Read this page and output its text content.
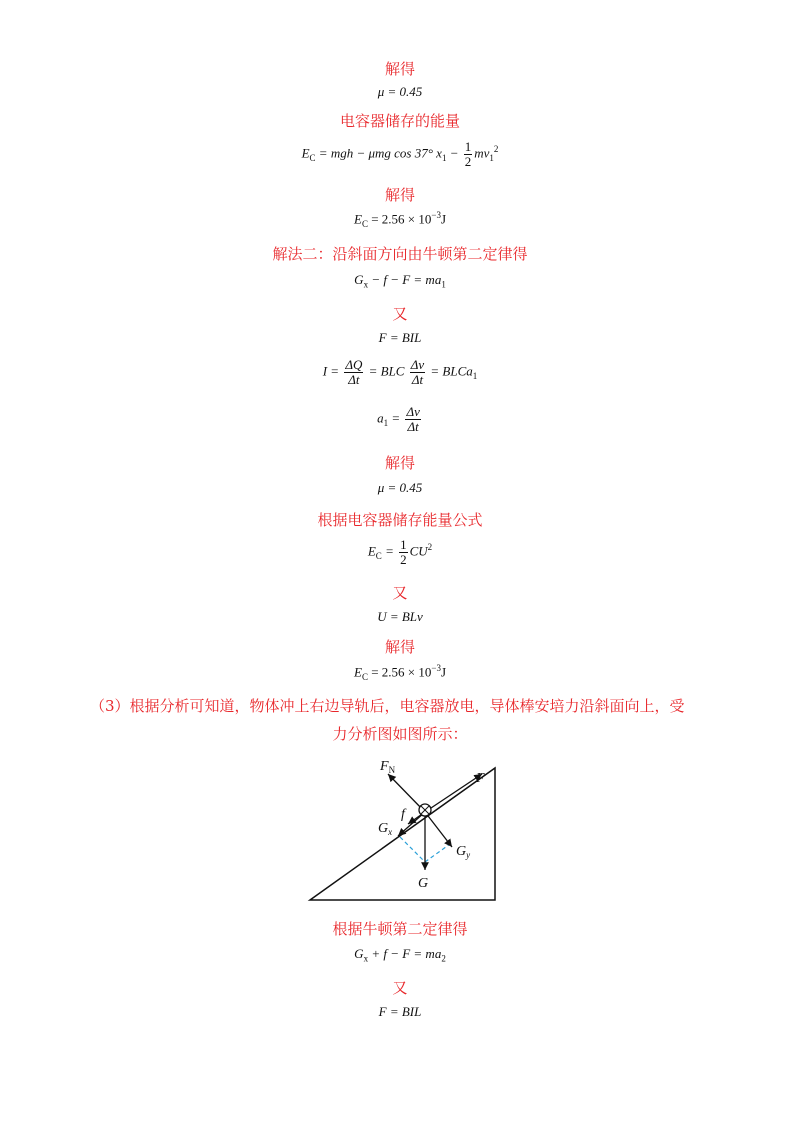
解得
μ = 0.45
电容器储存的能量
$E_C$ = mgh − μmg cos 37° $x_1 - \frac{1}{2} mv_1^2$
解得
$E_C = 2.56 \times 10^{-3}J$
解法二：沿斜面方向由牛顿第二定律得
$G_x - f - F = ma_1$
又
F = BIL
$I = \frac{\Delta Q}{\Delta t}$ = BLC $\frac{\Delta v}{\Delta t}$ = BLCa$_1$
$a_1 = \frac{\Delta v}{\Delta t}$
解得
μ = 0.45
根据电容器储存能量公式
$E_C = \frac{1}{2} CU^2$
又
U = BLv
解得
$E_C = 2.56 \times 10^{-3}J$
（3）根据分析可知道，物体冲上右边导轨后，电容器放电，导体棒安培力沿斜面向上，受
力分析图如图所示：
$F_N$
F
f
$G_x$
$G_y$
G
根据牛顿第二定律得
$G_x + f - F = ma_2$
又
F = BIL
